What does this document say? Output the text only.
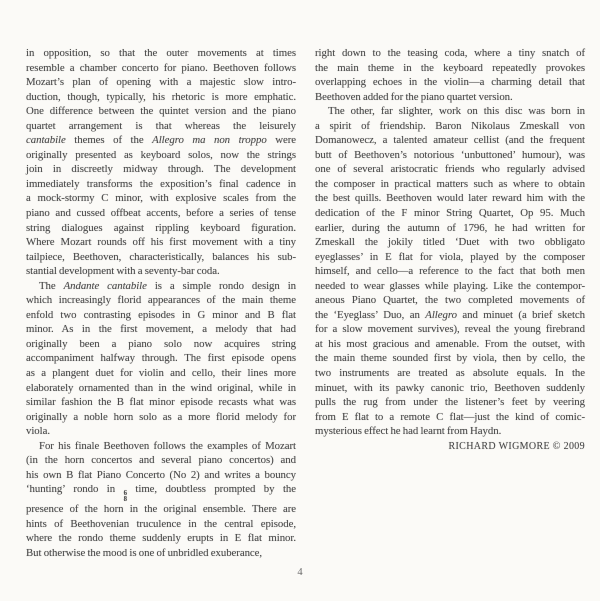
in opposition, so that the outer movements at times
resemble a chamber concerto for piano. Beethoven follows
Mozart’s plan of opening with a majestic slow intro-
duction, though, typically, his rhetoric is more emphatic.
One difference between the quintet version and the piano
quartet arrangement is that whereas the leisurely
cantabile themes of the Allegro ma non troppo were
originally presented as keyboard solos, now the strings
join in discreetly midway through. The development
immediately transforms the exposition’s final cadence in
a mock-stormy C minor, with explosive scales from the
piano and cussed offbeat accents, before a series of tense
string dialogues against rippling keyboard figuration.
Where Mozart rounds off his first movement with a tiny
tailpiece, Beethoven, characteristically, balances his sub-
stantial development with a seventy-bar coda.
The Andante cantabile is a simple rondo design in
which increasingly florid appearances of the main theme
enfold two contrasting episodes in G minor and B flat
minor. As in the first movement, a melody that had
originally been a piano solo now acquires string
accompaniment halfway through. The first episode opens
as a plangent duet for violin and cello, their lines more
elaborately ornamented than in the wind original, while in
similar fashion the B flat minor episode recasts what was
originally a noble horn solo as a more florid melody for
viola.
For his finale Beethoven follows the examples of Mozart
(in the horn concertos and several piano concertos) and
his own B flat Piano Concerto (No 2) and writes a bouncy
‘hunting’ rondo in 6
8
time, doubtless prompted by the
presence of the horn in the original ensemble. There are
hints of Beethovenian truculence in the central episode,
where the rondo theme suddenly erupts in E flat minor.
But otherwise the mood is one of unbridled exuberance,
right down to the teasing coda, where a tiny snatch of
the main theme in the keyboard repeatedly provokes
overlapping echoes in the violin—a charming detail that
Beethoven added for the piano quartet version.
The other, far slighter, work on this disc was born in
a spirit of friendship. Baron Nikolaus Zmeskall von
Domanowecz, a talented amateur cellist (and the frequent
butt of Beethoven’s notorious ‘unbuttoned’ humour), was
one of several aristocratic friends who regularly advised
the composer in practical matters such as where to obtain
the best quills. Beethoven would later reward him with the
dedication of the F minor String Quartet, Op 95. Much
earlier, during the autumn of 1796, he had written for
Zmeskall the jokily titled ‘Duet with two obbligato
eyeglasses’ in E flat for viola, played by the composer
himself, and cello—a reference to the fact that both men
needed to wear glasses while playing. Like the contempor-
aneous Piano Quartet, the two completed movements of
the ‘Eyeglass’ Duo, an Allegro and minuet (a brief sketch
for a slow movement survives), reveal the young firebrand
at his most gracious and amenable. From the outset, with
the main theme sounded first by viola, then by cello, the
two instruments are treated as absolute equals. In the
minuet, with its pawky canonic trio, Beethoven suddenly
pulls the rug from under the listener’s feet by veering
from E flat to a remote C flat—just the kind of comic-
mysterious effect he had learnt from Haydn.
RICHARD WIGMORE © 2009
4
